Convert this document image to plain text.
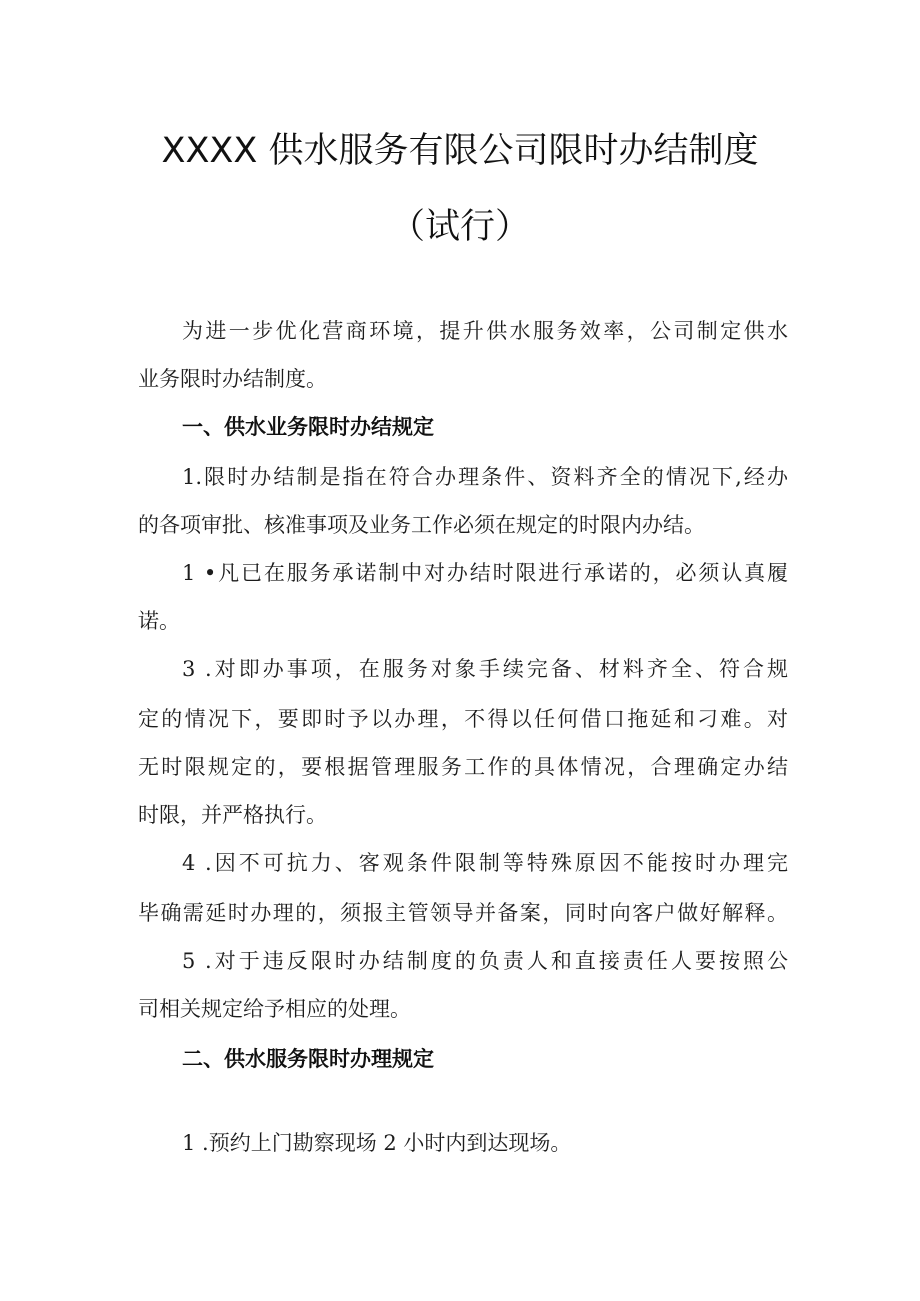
XXXX 供水服务有限公司限时办结制度
（试行）
为进一步优化营商环境，提升供水服务效率，公司制定供水
业务限时办结制度。
一、供水业务限时办结规定
1.限时办结制是指在符合办理条件、资料齐全的情况下,经办
的各项审批、核准事项及业务工作必须在规定的时限内办结。
1 •凡已在服务承诺制中对办结时限进行承诺的，必须认真履
诺。
3 .对即办事项，在服务对象手续完备、材料齐全、符合规
定的情况下，要即时予以办理，不得以任何借口拖延和刁难。对
无时限规定的，要根据管理服务工作的具体情况，合理确定办结
时限，并严格执行。
4 .因不可抗力、客观条件限制等特殊原因不能按时办理完
毕确需延时办理的，须报主管领导并备案，同时向客户做好解释。
5 .对于违反限时办结制度的负责人和直接责任人要按照公
司相关规定给予相应的处理。
二、供水服务限时办理规定
1 .预约上门勘察现场 2 小时内到达现场。
